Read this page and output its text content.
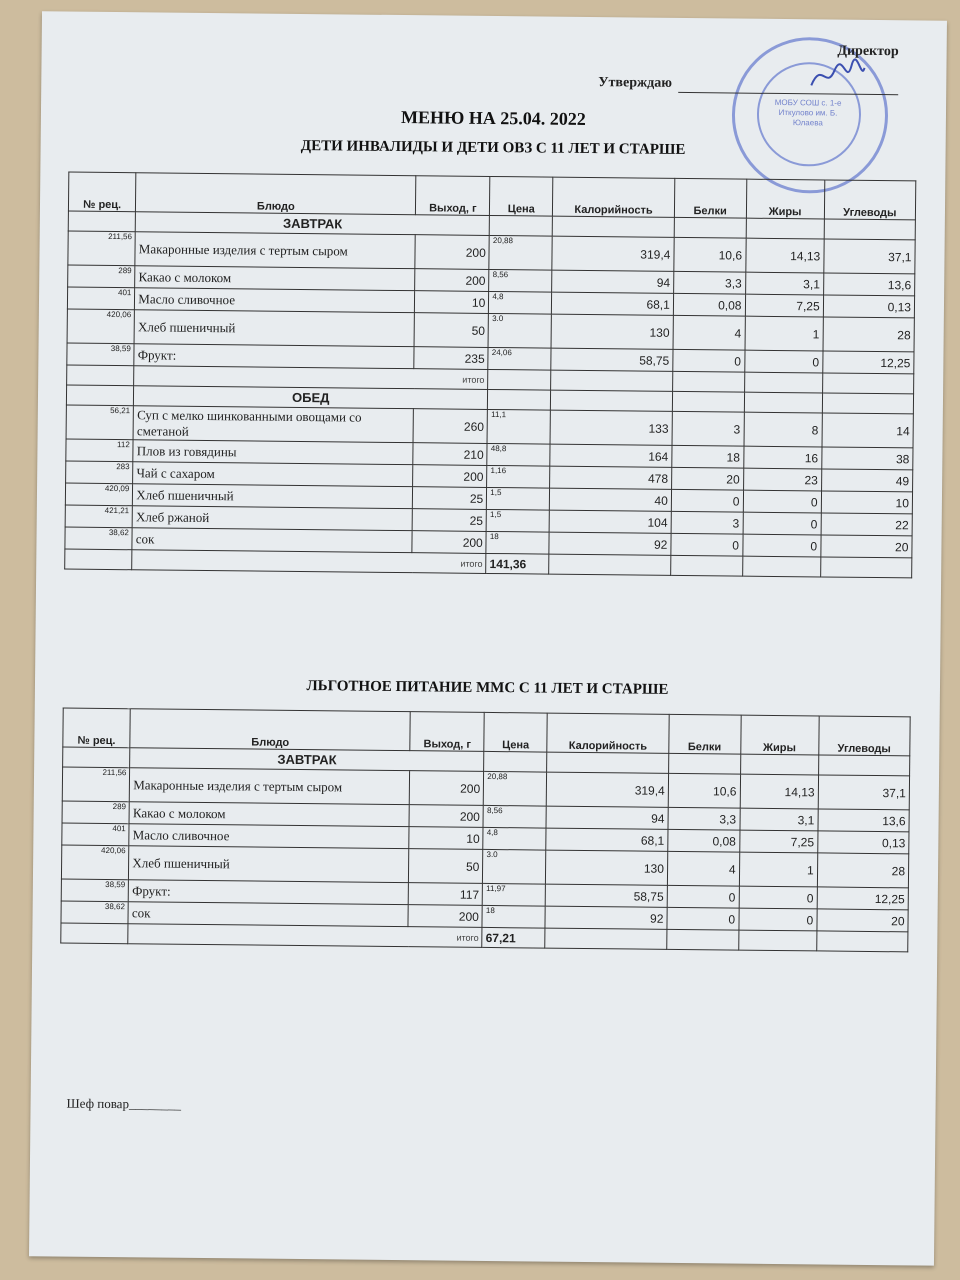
МОБУ СОШ с. 1-е Иткулово им. Б. Юлаева
Директор
Утверждаю
МЕНЮ НА 25.04. 2022
ДЕТИ ИНВАЛИДЫ И ДЕТИ ОВЗ С 11 ЛЕТ И СТАРШЕ
№ рец.	Блюдо	Выход, г	Цена	Калорийность	Белки	Жиры	Углеводы
	ЗАВТРАК						
211,56	Макаронные изделия с тертым сыром	200	20,88	319,4	10,6	14,13	37,1
289	Какао с молоком	200	8,56	94	3,3	3,1	13,6
401	Масло сливочное	10	4,8	68,1	0,08	7,25	0,13
420,06	Хлеб пшеничный	50	3.0	130	4	1	28
38,59	Фрукт:	235	24,06	58,75	0	0	12,25
	итого						
	ОБЕД						
56,21	Суп с мелко шинкованными овощами со сметаной	260	11,1	133	3	8	14
112	Плов из говядины	210	48,8	164	18	16	38
283	Чай с сахаром	200	1,16	478	20	23	49
420,09	Хлеб пшеничный	25	1,5	40	0	0	10
421,21	Хлеб ржаной	25	1,5	104	3	0	22
38,62	сок	200	18	92	0	0	20
	итого		141,36				
ЛЬГОТНОЕ ПИТАНИЕ ММС С 11 ЛЕТ И СТАРШЕ
№ рец.	Блюдо	Выход, г	Цена	Калорийность	Белки	Жиры	Углеводы
	ЗАВТРАК						
211,56	Макаронные изделия с тертым сыром	200	20,88	319,4	10,6	14,13	37,1
289	Какао с молоком	200	8,56	94	3,3	3,1	13,6
401	Масло сливочное	10	4,8	68,1	0,08	7,25	0,13
420,06	Хлеб пшеничный	50	3.0	130	4	1	28
38,59	Фрукт:	117	11,97	58,75	0	0	12,25
38,62	сок	200	18	92	0	0	20
	итого		67,21				
Шеф повар________
